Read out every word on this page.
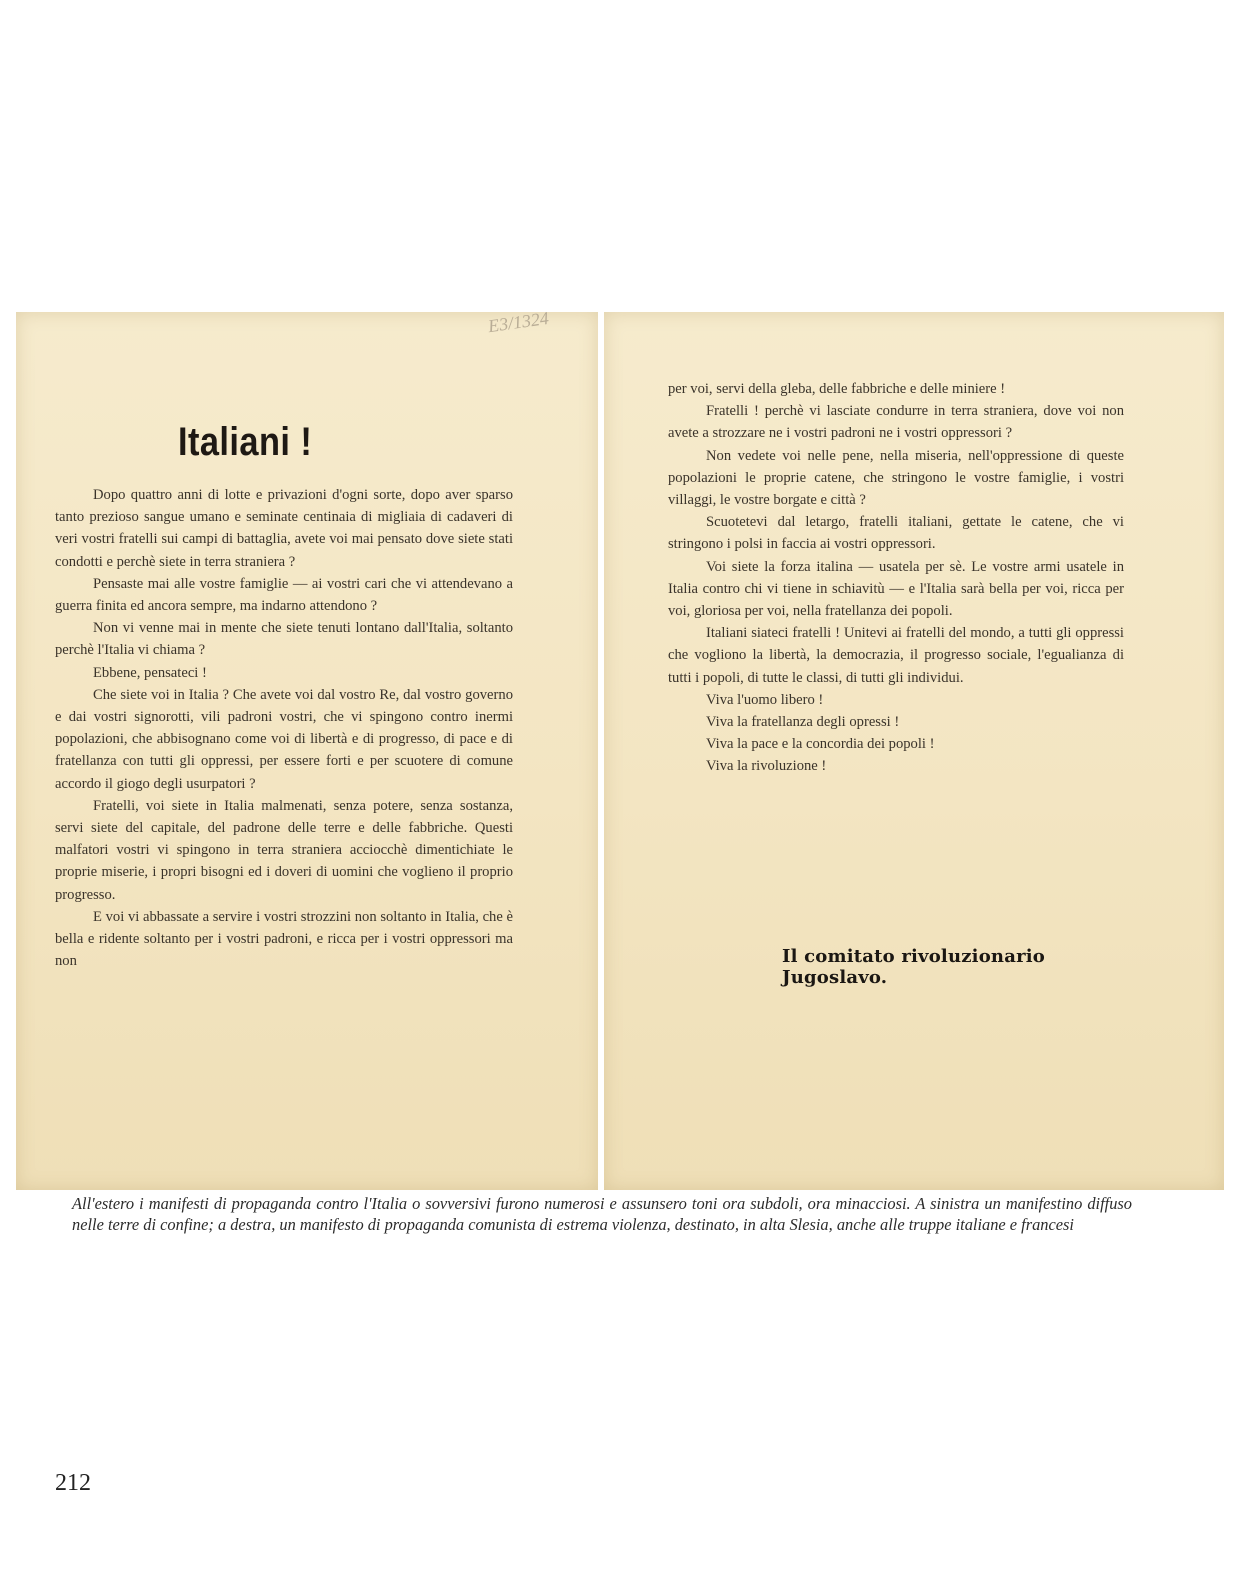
E3/1324
Italiani !

Dopo quattro anni di lotte e privazioni d'ogni sorte, dopo aver sparso tanto prezioso sangue umano e seminate centinaia di migliaia di cadaveri di veri vostri fratelli sui campi di battaglia, avete voi mai pensato dove siete stati condotti e perchè siete in terra straniera ?

Pensaste mai alle vostre famiglie — ai vostri cari che vi attendevano a guerra finita ed ancora sempre, ma indarno attendono ?

Non vi venne mai in mente che siete tenuti lontano dall'Italia, soltanto perchè l'Italia vi chiama ?

Ebbene, pensateci !

Che siete voi in Italia ? Che avete voi dal vostro Re, dal vostro governo e dai vostri signorotti, vili padroni vostri, che vi spingono contro inermi popolazioni, che abbisognano come voi di libertà e di progresso, di pace e di fratellanza con tutti gli oppressi, per essere forti e per scuotere di comune accordo il giogo degli usurpatori ?

Fratelli, voi siete in Italia malmenati, senza potere, senza sostanza, servi siete del capitale, del padrone delle terre e delle fabbriche. Questi malfatori vostri vi spingono in terra straniera acciocchè dimentichiate le proprie miserie, i propri bisogni ed i doveri di uomini che voglieno il proprio progresso.

E voi vi abbassate a servire i vostri strozzini non soltanto in Italia, che è bella e ridente soltanto per i vostri padroni, e ricca per i vostri oppressori ma non

per voi, servi della gleba, delle fabbriche e delle miniere !

Fratelli ! perchè vi lasciate condurre in terra straniera, dove voi non avete a strozzare ne i vostri padroni ne i vostri oppressori ?

Non vedete voi nelle pene, nella miseria, nell'oppressione di queste popolazioni le proprie catene, che stringono le vostre famiglie, i vostri villaggi, le vostre borgate e città ?

Scuotetevi dal letargo, fratelli italiani, gettate le catene, che vi stringono i polsi in faccia ai vostri oppressori.

Voi siete la forza italina — usatela per sè. Le vostre armi usatele in Italia contro chi vi tiene in schiavitù — e l'Italia sarà bella per voi, ricca per voi, gloriosa per voi, nella fratellanza dei popoli.

Italiani siateci fratelli ! Unitevi ai fratelli del mondo, a tutti gli oppressi che vogliono la libertà, la democrazia, il progresso sociale, l'egualianza di tutti i popoli, di tutte le classi, di tutti gli individui.

Viva l'uomo libero !

Viva la fratellanza degli opressi !

Viva la pace e la concordia dei popoli !

Viva la rivoluzione !

Il comitato rivoluzionario Jugoslavo.
All'estero i manifesti di propaganda contro l'Italia o sovversivi furono numerosi e assunsero toni ora subdoli, ora minacciosi. A sinistra un manifestino diffuso nelle terre di confine; a destra, un manifesto di propaganda comunista di estrema violenza, destinato, in alta Slesia, anche alle truppe italiane e francesi
212
